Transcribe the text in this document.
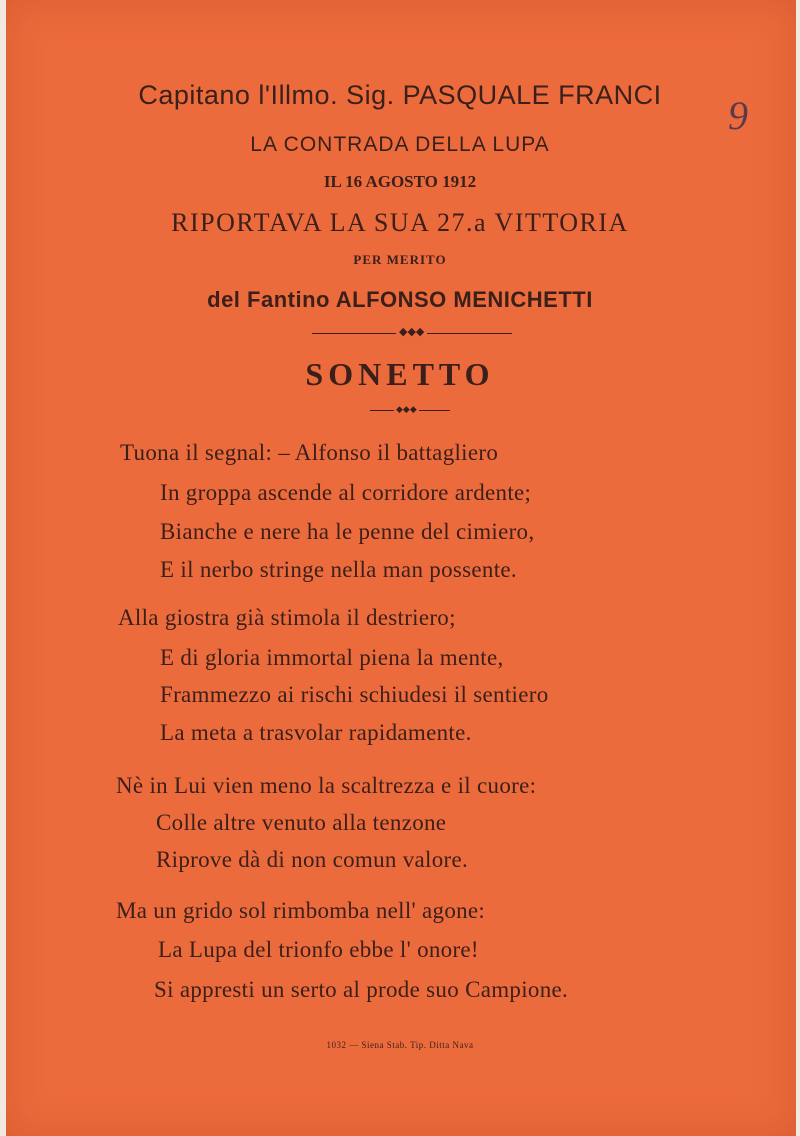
Capitano l'Illmo. Sig. PASQUALE FRANCI
LA CONTRADA DELLA LUPA
IL 16 AGOSTO 1912
RIPORTAVA LA SUA 27.a VITTORIA
PER MERITO
del Fantino ALFONSO MENICHETTI
◆◆◆
SONETTO
◆◆◆
9
Tuona il segnal: – Alfonso il battagliero
In groppa ascende al corridore ardente;
Bianche e nere ha le penne del cimiero,
E il nerbo stringe nella man possente.
Alla giostra già stimola il destriero;
E di gloria immortal piena la mente,
Frammezzo ai rischi schiudesi il sentiero
La meta a trasvolar rapidamente.
Nè in Lui vien meno la scaltrezza e il cuore:
Colle altre venuto alla tenzone
Riprove dà di non comun valore.
Ma un grido sol rimbomba nell' agone:
La Lupa del trionfo ebbe l' onore!
Si appresti un serto al prode suo Campione.
1032 — Siena Stab. Tip. Ditta Nava
